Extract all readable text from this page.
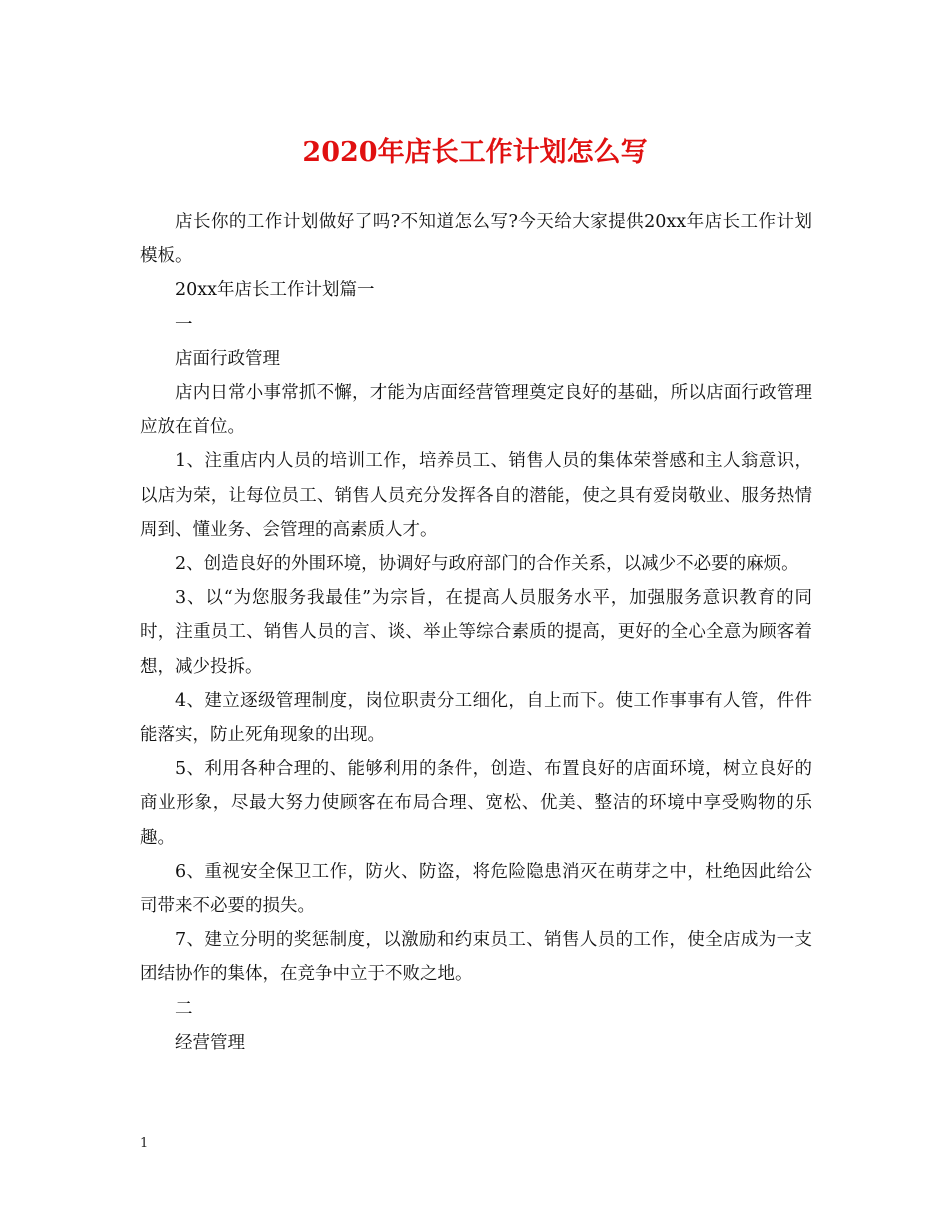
2020年店长工作计划怎么写

店长你的工作计划做好了吗?不知道怎么写?今天给大家提供20xx年店长工作计划模板。

20xx年店长工作计划篇一

一

店面行政管理

店内日常小事常抓不懈，才能为店面经营管理奠定良好的基础，所以店面行政管理应放在首位。

1、注重店内人员的培训工作，培养员工、销售人员的集体荣誉感和主人翁意识，以店为荣，让每位员工、销售人员充分发挥各自的潜能，使之具有爱岗敬业、服务热情周到、懂业务、会管理的高素质人才。

2、创造良好的外围环境，协调好与政府部门的合作关系，以减少不必要的麻烦。

3、以“为您服务我最佳”为宗旨，在提高人员服务水平，加强服务意识教育的同时，注重员工、销售人员的言、谈、举止等综合素质的提高，更好的全心全意为顾客着想，减少投拆。

4、建立逐级管理制度，岗位职责分工细化，自上而下。使工作事事有人管，件件能落实，防止死角现象的出现。

5、利用各种合理的、能够利用的条件，创造、布置良好的店面环境，树立良好的商业形象，尽最大努力使顾客在布局合理、宽松、优美、整洁的环境中享受购物的乐趣。

6、重视安全保卫工作，防火、防盗，将危险隐患消灭在萌芽之中，杜绝因此给公司带来不必要的损失。

7、建立分明的奖惩制度，以激励和约束员工、销售人员的工作，使全店成为一支团结协作的集体，在竞争中立于不败之地。

二

经营管理

1
